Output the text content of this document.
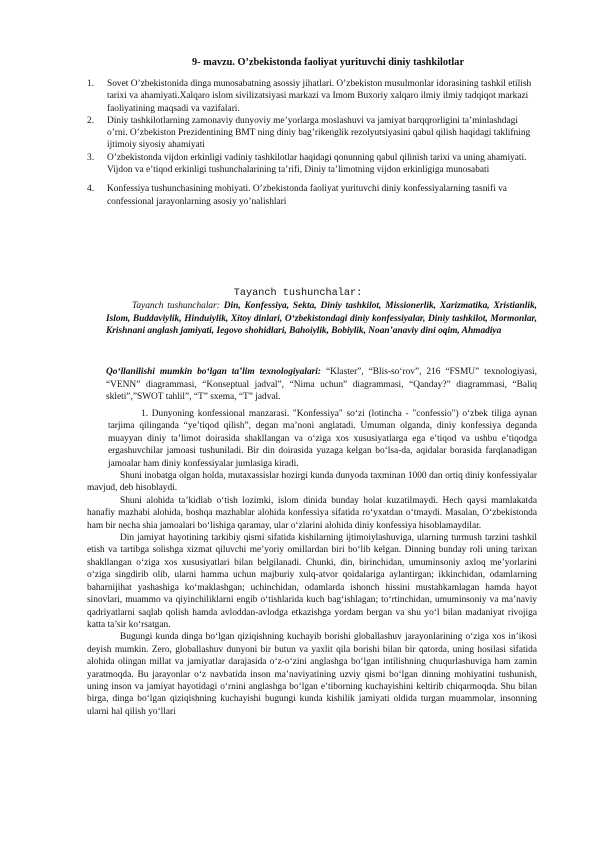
9- mavzu. O’zbekistonda faoliyat yurituvchi diniy tashkilotlar
1. Sovet O’zbekistonida dinga munosabatning asossiy jihatlari. O’zbekiston musulmonlar idorasining tashkil etilish tarixi va ahamiyati.Xalqaro islom sivilizatsiyasi markazi va Imom Buxoriy xalqaro ilmiy ilmiy tadqiqot markazi faoliyatining maqsadi va vazifalari.
2. Diniy tashkilotlarning zamonaviy dunyoviy me’yorlarga moslashuvi va jamiyat barqqrorligini ta’minlashdagi o’rni. O’zbekiston Prezidentining BMT ning diniy bag’rikenglik rezolyutsiyasini qabul qilish haqidagi taklifning ijtimoiy siyosiy ahamiyati
3. O’zbekistonda vijdon erkinligi vadiniy tashkilotlar haqidagi qonunning qabul qilinish tarixi va uning ahamiyati. Vijdon va e’tiqod erkinligi tushunchalarining ta’rifi, Diniy ta’limotning vijdon erkinligiga munosabati
4. Konfessiya tushunchasining mohiyati. O’zbekistonda faoliyat yurituvchi diniy konfessiyalarning tasnifi va confessional jarayonlarning asosiy yo’nalishlari
Tayanch tushunchalar:
Tayanch tushunchalar: Din, Konfessiya, Sekta, Diniy tashkilot, Missionerlik, Xarizmatika, Xristianlik, Islom, Buddaviylik, Hinduiylik, Xitoy dinlari, O‘zbekistondagi diniy konfessiyalar, Diniy tashkilot, Mormonlar, Krishnani anglash jamiyati, Iegovo shohidlari, Bahoiylik, Bobiylik, Noan’anaviy dini oqim, Ahmadiya
Qo‘llanilishi mumkin bo‘lgan ta’lim texnologiyalari: “Klaster”, “Blis-so‘rov”, 216 “FSMU” texnologiyasi, “VENN” diagrammasi, “Konseptual jadval”, “Nima uchun” diagrammasi, “Qanday?” diagrammasi, “Baliq skleti”,”SWOT tahlil”, “T” sxema, “T” jadval.

1. Dunyoning konfessional manzarasi. "Konfessiya" so‘zi (lotincha - "confessio") o‘zbek tiliga aynan tarjima qilinganda “ye’tiqod qilish”, degan ma’noni anglatadi. Umuman olganda, diniy konfessiya deganda muayyan diniy ta’limot doirasida shakllangan va o‘ziga xos xususiyatlarga ega e’tiqod va ushbu e’tiqodga ergashuvchilar jamoasi tushuniladi. Bir din doirasida yuzaga kelgan bo‘lsa-da, aqidalar borasida farqlanadigan jamoalar ham diniy konfessiyalar jumlasiga kiradi.

Shuni inobatga olgan holda, mutaxassislar hozirgi kunda dunyoda taxminan 1000 dan ortiq diniy konfessiyalar mavjud, deb hisoblaydi.

Shuni alohida ta’kidlab o‘tish lozimki, islom dinida bunday holat kuzatilmaydi. Hech qaysi mamlakatda hanafiy mazhabi alohida, boshqa mazhablar alohida konfessiya sifatida ro‘yxatdan o‘tmaydi. Masalan, O‘zbekistonda ham bir necha shia jamoalari bo‘lishiga qaramay, ular o‘zlarini alohida diniy konfessiya hisoblamaydilar.

Din jamiyat hayotining tarkibiy qismi sifatida kishilarning ijtimoiylashuviga, ularning turmush tarzini tashkil etish va tartibga solishga xizmat qiluvchi me’yoriy omillardan biri bo‘lib kelgan. Dinning bunday roli uning tarixan shakllangan o‘ziga xos xususiyatlari bilan belgilanadi. Chunki, din, birinchidan, umuminsoniy axloq me’yorlarini o‘ziga singdirib olib, ularni hamma uchun majburiy xulq-atvor qoidalariga aylantirgan; ikkinchidan, odamlarning baharnijihat yashashiga ko‘maklashgan; uchinchidan, odamlarda ishonch hissini mustahkamlagan hamda hayot sinovlari, muammo va qiyinchiliklarni engib o‘tishlarida kuch bag‘ishlagan; to‘rtinchidan, umuminsoniy va ma’naviy qadriyatlarni saqlab qolish hamda avloddan-avlodga etkazishga yordam bergan va shu yo‘l bilan madaniyat rivojiga katta ta’sir ko‘rsatgan.

Bugungi kunda dinga bo‘lgan qiziqishning kuchayib borishi globallashuv jarayonlarining o‘ziga xos in’ikosi deyish mumkin. Zero, globallashuv dunyoni bir butun va yaxlit qila borishi bilan bir qatorda, uning hosilasi sifatida alohida olingan millat va jamiyatlar darajasida o‘z-o‘zini anglashga bo‘lgan intilishning chuqurlashuviga ham zamin yaratmoqda. Bu jarayonlar o‘z navbatida inson ma’naviyatining uzviy qismi bo‘lgan dinning mohiyatini tushunish, uning inson va jamiyat hayotidagi o‘rnini anglashga bo‘lgan e’tiborning kuchayishini keltirib chiqarmoqda. Shu bilan birga, dinga bo‘lgan qiziqishning kuchayishi bugungi kunda kishilik jamiyati oldida turgan muammolar, insonning ularni hal qilish yo‘llari
